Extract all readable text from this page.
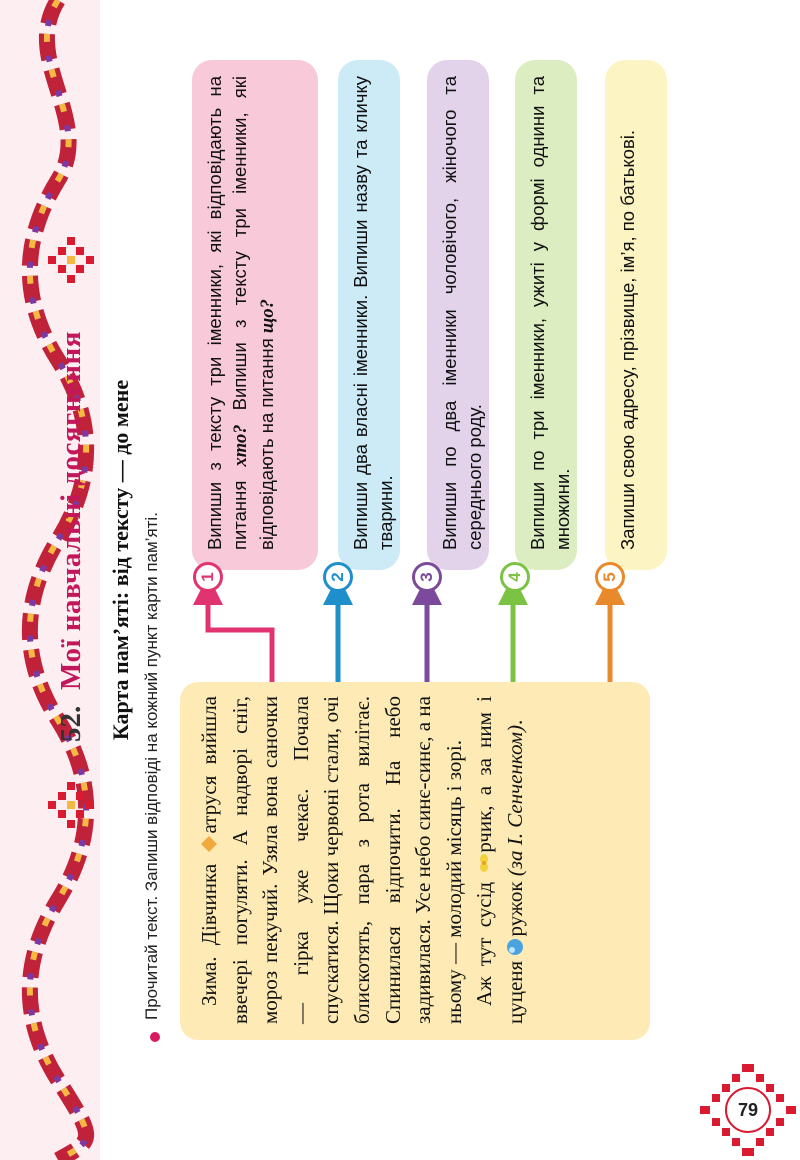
79
52.
Мої навчальні досягнення Карта пам’яті: від тексту — до мене Прочитай текст. Запиши відповіді на кожний пункт карти пам’яті. Зима. Дівчинка атруся вийшла ввечері погуляти. А надворі сніг, мороз пекучий. Узяла вона саночки — гірка уже чекає. Почала спускатися. Щоки червоні стали, очі блискотять, пара з рота вилітає. Спинилася відпочити. На небо задивилася. Усе небо синє-синє, а на ньому — молодий місяць і зорі. Аж тут сусід рчик, а за ним і цуценя ружок (за І. Сенченком).

Випиши з тексту три іменники, які відповідають на питання хто? Випиши з тексту три іменники, які відповідають на питання що?	Випиши два власні іменники. Випиши назву та кличку тварини.	Випиши по два іменники чоловічого, жіночого та середнього роду.	Випиши по три іменники, ужиті у формі однини та множини.	Запиши свою адресу, прізвище, ім’я, по батькові.
1	2	3	4	5
